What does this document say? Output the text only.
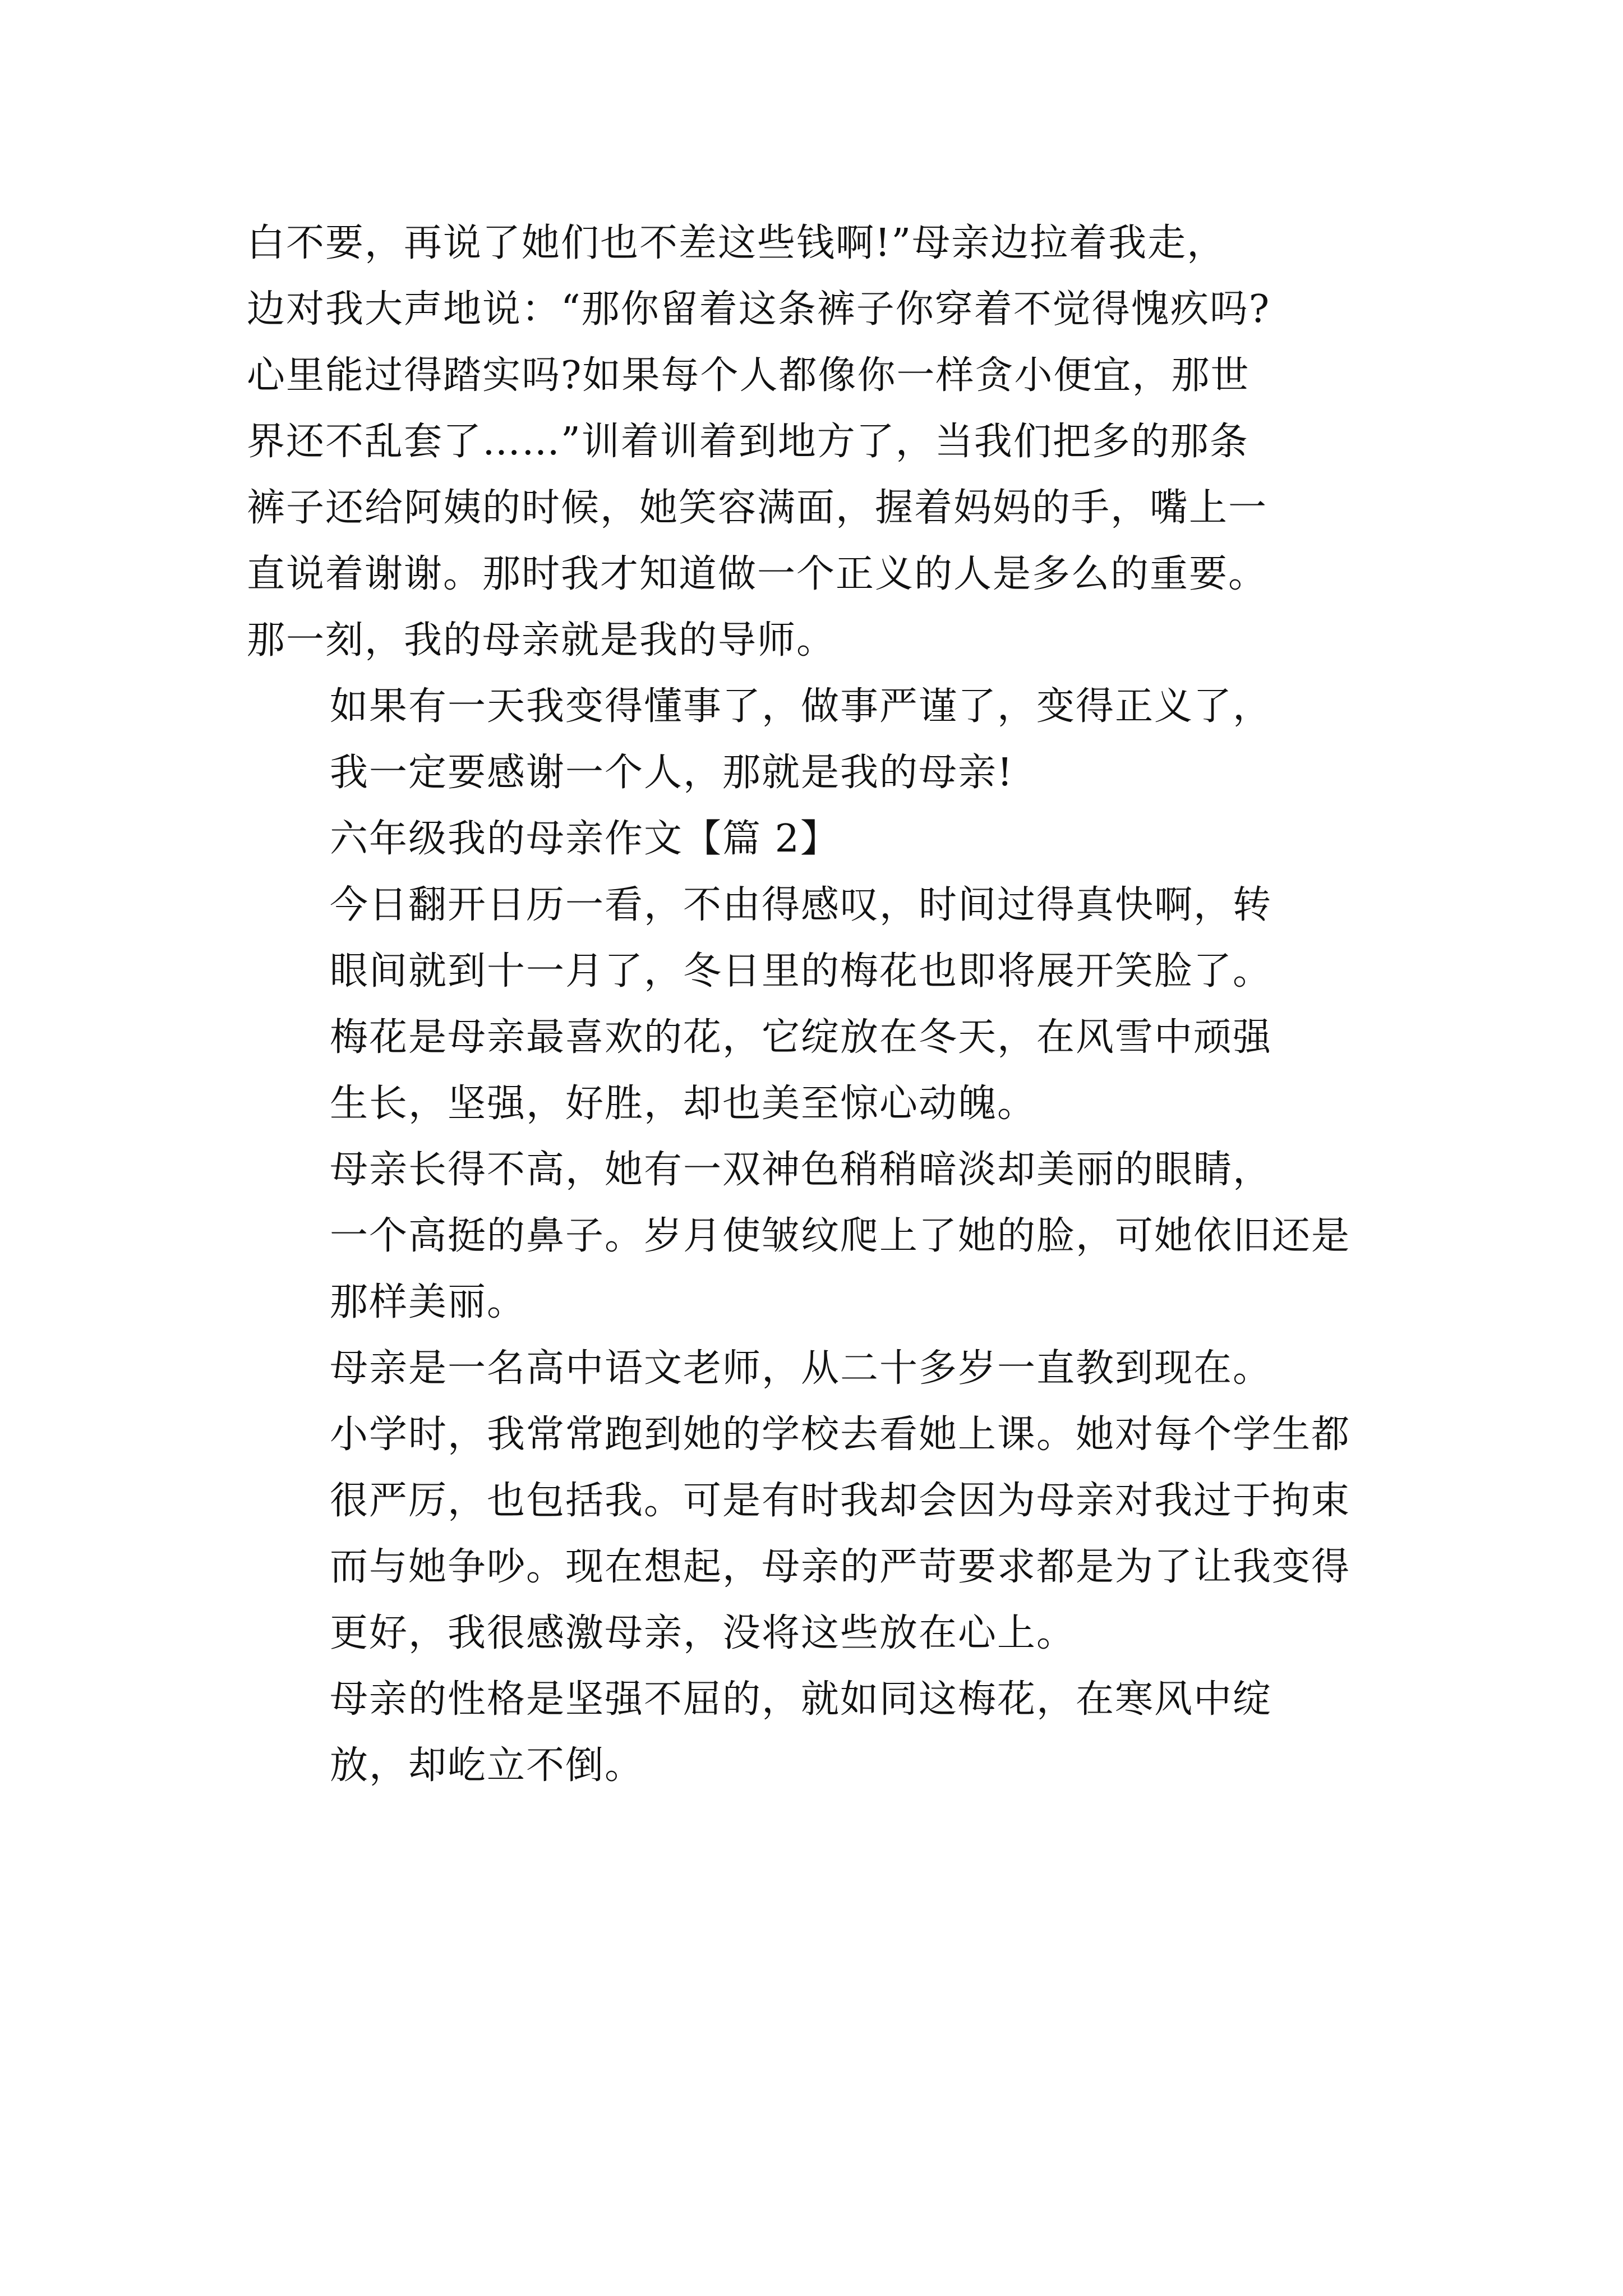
白不要，再说了她们也不差这些钱啊!”母亲边拉着我走，
边对我大声地说：“那你留着这条裤子你穿着不觉得愧疚吗?
心里能过得踏实吗?如果每个人都像你一样贪小便宜，那世
界还不乱套了……”训着训着到地方了，当我们把多的那条
裤子还给阿姨的时候，她笑容满面，握着妈妈的手，嘴上一
直说着谢谢。那时我才知道做一个正义的人是多么的重要。
那一刻，我的母亲就是我的导师。

如果有一天我变得懂事了，做事严谨了，变得正义了，
我一定要感谢一个人，那就是我的母亲!

六年级我的母亲作文【篇 2】

今日翻开日历一看，不由得感叹，时间过得真快啊，转
眼间就到十一月了，冬日里的梅花也即将展开笑脸了。

梅花是母亲最喜欢的花，它绽放在冬天，在风雪中顽强
生长，坚强，好胜，却也美至惊心动魄。

母亲长得不高，她有一双神色稍稍暗淡却美丽的眼睛，
一个高挺的鼻子。岁月使皱纹爬上了她的脸，可她依旧还是
那样美丽。

母亲是一名高中语文老师，从二十多岁一直教到现在。
小学时，我常常跑到她的学校去看她上课。她对每个学生都
很严厉，也包括我。可是有时我却会因为母亲对我过于拘束
而与她争吵。现在想起，母亲的严苛要求都是为了让我变得
更好，我很感激母亲，没将这些放在心上。

母亲的性格是坚强不屈的，就如同这梅花，在寒风中绽
放，却屹立不倒。
